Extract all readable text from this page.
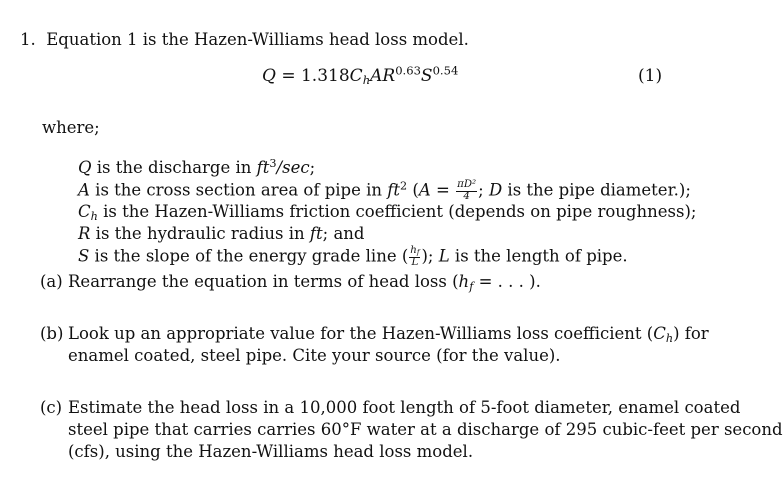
1. Equation 1 is the Hazen-Williams head loss model.
$Q = 1.318C_hAR^{0.63}S^{0.54}$	(1)
where;
Q is the discharge in $ft^3/\sec$;
A is the cross section area of pipe in $ft^2$ ($A = \frac{\text{πD²}}{4}$ ; D is the pipe diameter.);
$C_h$ is the Hazen-Williams friction coefficient (depends on pipe roughness);
R is the hydraulic radius in ft; and
S is the slope of the energy grade line ( $\frac{h_f}{L}$ ); L is the length of pipe.
(a) Rearrange the equation in terms of head loss ($h_f$ = . . . ).
(b) Look up an appropriate value for the Hazen-Williams loss coefficient $(C_h)$ for
enamel coated, steel pipe. Cite your source (for the value).
(c) Estimate the head loss in a 10,000 foot length of 5-foot diameter, enamel coated
steel pipe that carries carries 60°F water at a discharge of 295 cubic-feet per second
(cfs), using the Hazen-Williams head loss model.
